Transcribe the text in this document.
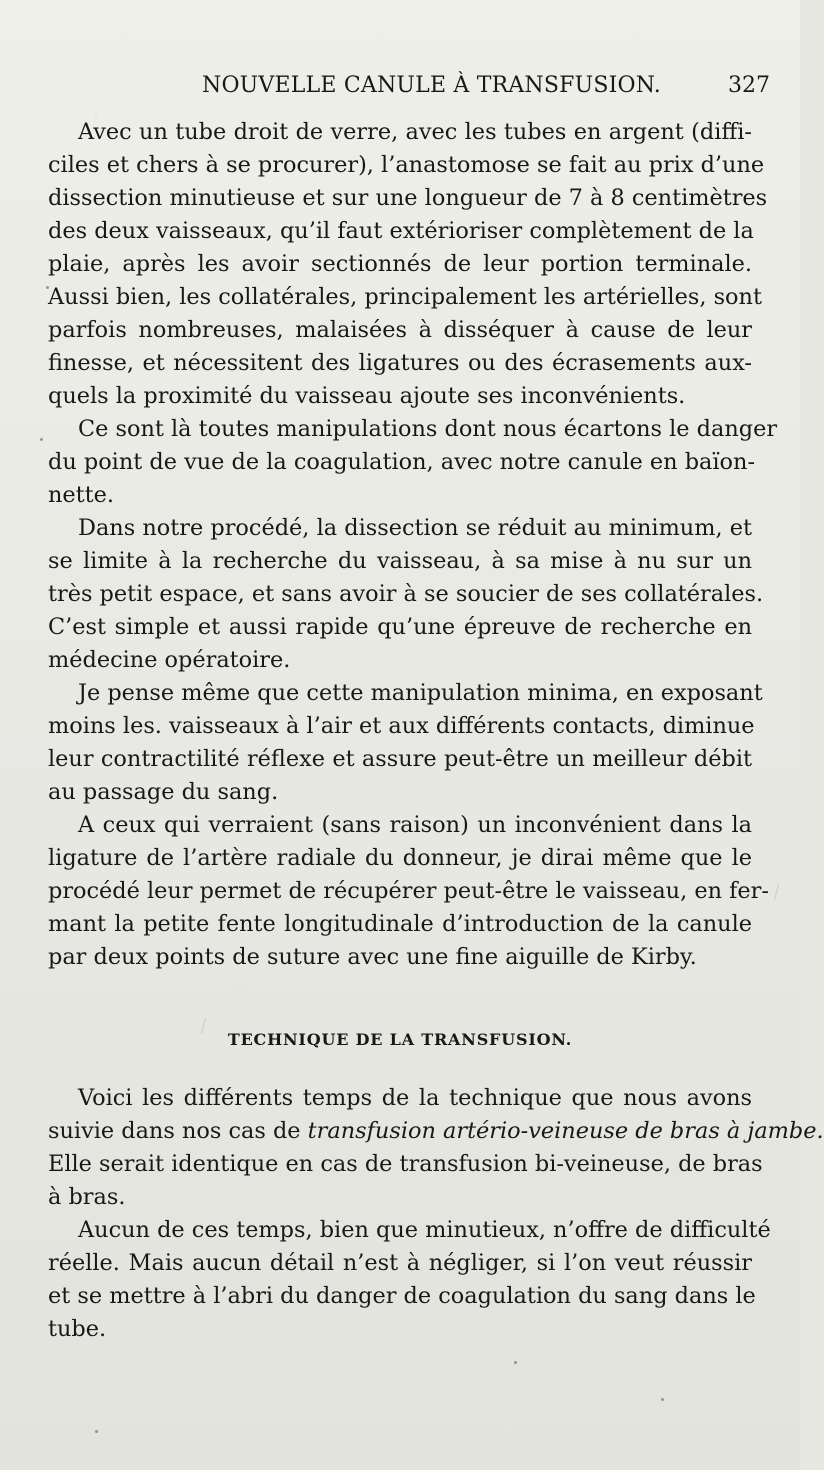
NOUVELLE CANULE À TRANSFUSION.	327
Avec un tube droit de verre, avec les tubes en argent (diffi-
ciles et chers à se procurer), l’anastomose se fait au prix d’une
dissection minutieuse et sur une longueur de 7 à 8 centimètres
des deux vaisseaux, qu’il faut extérioriser complètement de la
plaie, après les avoir sectionnés de leur portion terminale.
Aussi bien, les collatérales, principalement les artérielles, sont
parfois nombreuses, malaisées à disséquer à cause de leur
finesse, et nécessitent des ligatures ou des écrasements aux-
quels la proximité du vaisseau ajoute ses inconvénients.
Ce sont là toutes manipulations dont nous écartons le danger
du point de vue de la coagulation, avec notre canule en baïon-
nette.
Dans notre procédé, la dissection se réduit au minimum, et
se limite à la recherche du vaisseau, à sa mise à nu sur un
très petit espace, et sans avoir à se soucier de ses collatérales.
C’est simple et aussi rapide qu’une épreuve de recherche en
médecine opératoire.
Je pense même que cette manipulation minima, en exposant
moins les. vaisseaux à l’air et aux différents contacts, diminue
leur contractilité réflexe et assure peut-être un meilleur débit
au passage du sang.
A ceux qui verraient (sans raison) un inconvénient dans la
ligature de l’artère radiale du donneur, je dirai même que le
procédé leur permet de récupérer peut-être le vaisseau, en fer-
mant la petite fente longitudinale d’introduction de la canule
par deux points de suture avec une fine aiguille de Kirby.
TECHNIQUE DE LA TRANSFUSION.
Voici les différents temps de la technique que nous avons
suivie dans nos cas de transfusion artério-veineuse de bras à jambe.
Elle serait identique en cas de transfusion bi-veineuse, de bras
à bras.
Aucun de ces temps, bien que minutieux, n’offre de difficulté
réelle. Mais aucun détail n’est à négliger, si l’on veut réussir
et se mettre à l’abri du danger de coagulation du sang dans le
tube.
